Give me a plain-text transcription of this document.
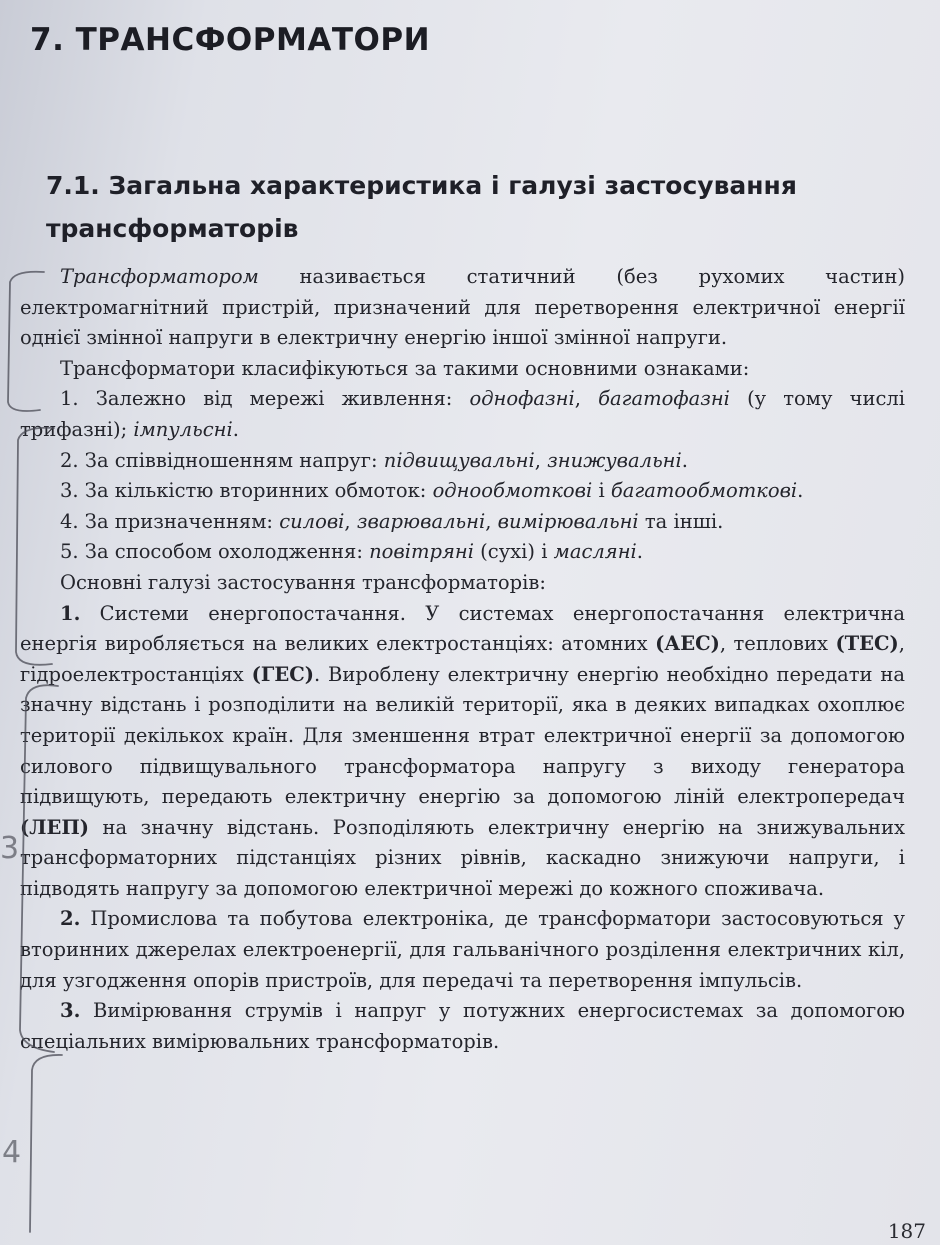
7. ТРАНСФОРМАТОРИ
7.1. Загальна характеристика і галузі застосування трансформаторів

Трансформатором називається статичний (без рухомих частин) електромагнітний пристрій, призначений для перетворення електричної енергії однієї змінної напруги в електричну енергію іншої змінної напруги.

Трансформатори класифікуються за такими основними ознаками:

1. Залежно від мережі живлення: однофазні, багатофазні (у тому числі трифазні); імпульсні.

2. За співвідношенням напруг: підвищувальні, знижувальні.

3. За кількістю вторинних обмоток: однообмоткові і багатообмоткові.

4. За призначенням: силові, зварювальні, вимірювальні та інші.

5. За способом охолодження: повітряні (сухі) і масляні.

Основні галузі застосування трансформаторів:

1. Системи енергопостачання. У системах енергопостачання електрична енергія виробляється на великих електростанціях: атомних (АЕС), теплових (ТЕС), гідроелектростанціях (ГЕС). Вироблену електричну енергію необхідно передати на значну відстань і розподілити на великій території, яка в деяких випадках охоплює території декількох країн. Для зменшення втрат електричної енергії за допомогою силового підвищувального трансформатора напругу з виходу генератора підвищують, передають електричну енергію за допомогою ліній електропередач (ЛЕП) на значну відстань. Розподіляють електричну енергію на знижувальних трансформаторних підстанціях різних рівнів, каскадно знижуючи напруги, і підводять напругу за допомогою електричної мережі до кожного споживача.

2. Промислова та побутова електроніка, де трансформатори застосовуються у вторинних джерелах електроенергії, для гальванічного розділення електричних кіл, для узгодження опорів пристроїв, для передачі та перетворення імпульсів.

3. Вимірювання струмів і напруг у потужних енергосистемах за допомогою спеціальних вимірювальних трансформаторів.

187
3
4
